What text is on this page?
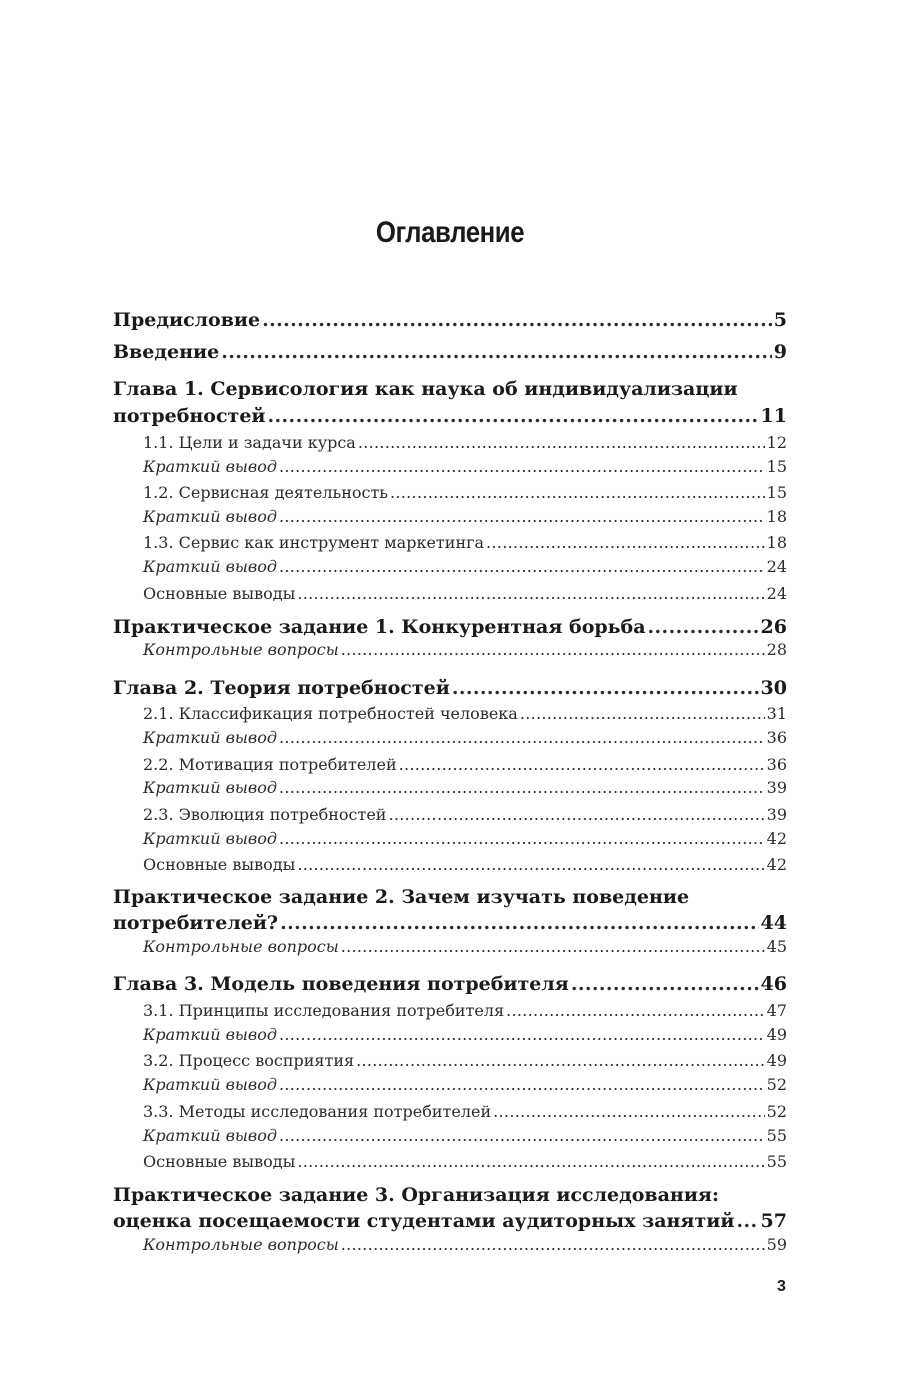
Оглавление
Предисловие .....	5
Введение .....	9
Глава 1. Сервисология как наука об индивидуализации
потребностей .....	11
1.1. Цели и задачи курса .....	12
Краткий вывод .....	15
1.2. Сервисная деятельность .....	15
Краткий вывод .....	18
1.3. Сервис как инструмент маркетинга .....	18
Краткий вывод .....	24
Основные выводы .....	24
Практическое задание 1. Конкурентная борьба .....	26
Контрольные вопросы .....	28
Глава 2. Теория потребностей .....	30
2.1. Классификация потребностей человека .....	31
Краткий вывод .....	36
2.2. Мотивация потребителей .....	36
Краткий вывод .....	39
2.3. Эволюция потребностей .....	39
Краткий вывод .....	42
Основные выводы .....	42
Практическое задание 2. Зачем изучать поведение
потребителей? .....	44
Контрольные вопросы .....	45
Глава 3. Модель поведения потребителя .....	46
3.1. Принципы исследования потребителя .....	47
Краткий вывод .....	49
3.2. Процесс восприятия .....	49
Краткий вывод .....	52
3.3. Методы исследования потребителей .....	52
Краткий вывод .....	55
Основные выводы .....	55
Практическое задание 3. Организация исследования:
оценка посещаемости студентами аудиторных занятий ..... 57
Контрольные вопросы .....	59
3
